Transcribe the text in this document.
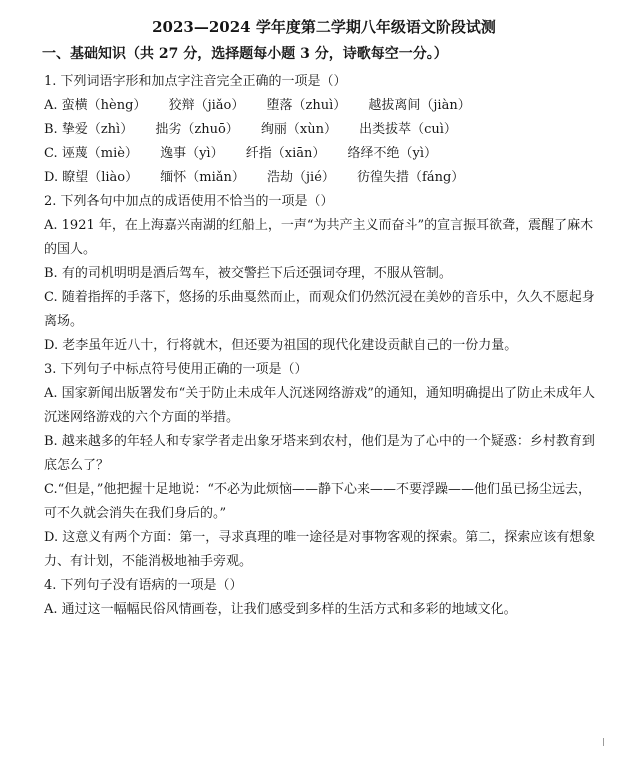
2023—2024 学年度第二学期八年级语文阶段试测
一、基础知识（共 27 分，选择题每小题 3 分，诗歌每空一分。）
1. 下列词语字形和加点字注音完全正确的一项是（）
A. 蛮横（hèng） 狡辩（jiǎo） 堕落（zhuì） 越拔离间（jiàn）
B. 挚爱（zhì） 拙劣（zhuō） 绚丽（xùn） 出类拔萃（cuì）
C. 诬蔑（miè） 逸事（yì） 纤指（xiān） 络绎不绝（yì）
D. 瞭望（liào） 缅怀（miǎn） 浩劫（jié） 彷徨失措（fáng）
2. 下列各句中加点的成语使用不恰当的一项是（）

A. 1921 年，在上海嘉兴南湖的红船上，一声“为共产主义而奋斗”的宣言振耳欲聋，震醒了麻木的国人。

B. 有的司机明明是酒后驾车，被交警拦下后还强词夺理，不服从管制。

C. 随着指挥的手落下，悠扬的乐曲戛然而止，而观众们仍然沉浸在美妙的音乐中，久久不愿起身离场。

D. 老李虽年近八十，行将就木，但还要为祖国的现代化建设贡献自己的一份力量。

3. 下列句子中标点符号使用正确的一项是（）

A. 国家新闻出版署发布“关于防止未成年人沉迷网络游戏”的通知，通知明确提出了防止未成年人沉迷网络游戏的六个方面的举措。

B. 越来越多的年轻人和专家学者走出象牙塔来到农村，他们是为了心中的一个疑惑：乡村教育到底怎么了？

C.“但是，”他把握十足地说：“不必为此烦恼——静下心来——不要浮躁——他们虽已扬尘远去，可不久就会消失在我们身后的。”

D. 这意义有两个方面：第一，寻求真理的唯一途径是对事物客观的探索。第二，探索应该有想象力、有计划，不能消极地袖手旁观。

4. 下列句子没有语病的一项是（）

A. 通过这一幅幅民俗风情画卷，让我们感受到多样的生活方式和多彩的地域文化。
